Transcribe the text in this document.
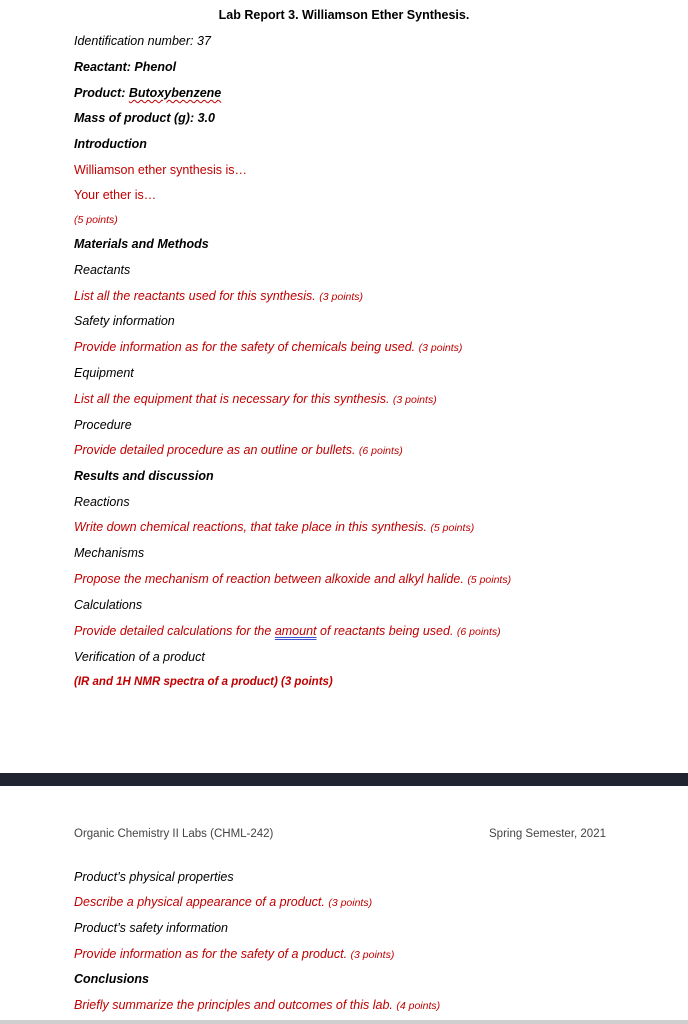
Lab Report 3. Williamson Ether Synthesis.
Identification number: 37
Reactant: Phenol
Product: Butoxybenzene
Mass of product (g): 3.0
Introduction
Williamson ether synthesis is…
Your ether is…
(5 points)
Materials and Methods
Reactants
List all the reactants used for this synthesis. (3 points)
Safety information
Provide information as for the safety of chemicals being used. (3 points)
Equipment
List all the equipment that is necessary for this synthesis. (3 points)
Procedure
Provide detailed procedure as an outline or bullets. (6 points)
Results and discussion
Reactions
Write down chemical reactions, that take place in this synthesis. (5 points)
Mechanisms
Propose the mechanism of reaction between alkoxide and alkyl halide. (5 points)
Calculations
Provide detailed calculations for the amount of reactants being used. (6 points)
Verification of a product
(IR and 1H NMR spectra of a product) (3 points)
Organic Chemistry II Labs (CHML-242)	Spring Semester, 2021
Product’s physical properties
Describe a physical appearance of a product. (3 points)
Product’s safety information
Provide information as for the safety of a product. (3 points)
Conclusions
Briefly summarize the principles and outcomes of this lab. (4 points)
